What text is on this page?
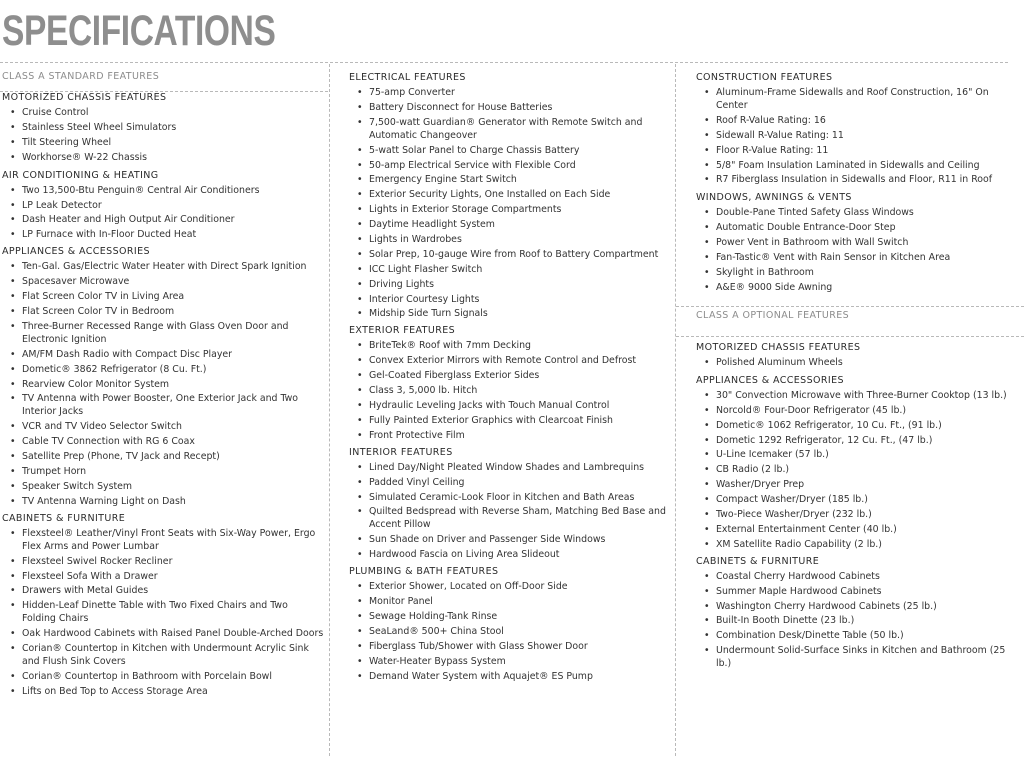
SPECIFICATIONS
CLASS A STANDARD FEATURES
MOTORIZED CHASSIS FEATURES
• Cruise Control
• Stainless Steel Wheel Simulators
• Tilt Steering Wheel
• Workhorse® W-22 Chassis
AIR CONDITIONING & HEATING
• Two 13,500-Btu Penguin® Central Air Conditioners
• LP Leak Detector
• Dash Heater and High Output Air Conditioner
• LP Furnace with In-Floor Ducted Heat
APPLIANCES & ACCESSORIES
• Ten-Gal. Gas/Electric Water Heater with Direct Spark Ignition
• Spacesaver Microwave
• Flat Screen Color TV in Living Area
• Flat Screen Color TV in Bedroom
• Three-Burner Recessed Range with Glass Oven Door and Electronic Ignition
• AM/FM Dash Radio with Compact Disc Player
• Dometic® 3862 Refrigerator (8 Cu. Ft.)
• Rearview Color Monitor System
• TV Antenna with Power Booster, One Exterior Jack and Two Interior Jacks
• VCR and TV Video Selector Switch
• Cable TV Connection with RG 6 Coax
• Satellite Prep (Phone, TV Jack and Recept)
• Trumpet Horn
• Speaker Switch System
• TV Antenna Warning Light on Dash
CABINETS & FURNITURE
• Flexsteel® Leather/Vinyl Front Seats with Six-Way Power, Ergo Flex Arms and Power Lumbar
• Flexsteel Swivel Rocker Recliner
• Flexsteel Sofa With a Drawer
• Drawers with Metal Guides
• Hidden-Leaf Dinette Table with Two Fixed Chairs and Two Folding Chairs
• Oak Hardwood Cabinets with Raised Panel Double-Arched Doors
• Corian® Countertop in Kitchen with Undermount Acrylic Sink and Flush Sink Covers
• Corian® Countertop in Bathroom with Porcelain Bowl
• Lifts on Bed Top to Access Storage Area
ELECTRICAL FEATURES
• 75-amp Converter
• Battery Disconnect for House Batteries
• 7,500-watt Guardian® Generator with Remote Switch and Automatic Changeover
• 5-watt Solar Panel to Charge Chassis Battery
• 50-amp Electrical Service with Flexible Cord
• Emergency Engine Start Switch
• Exterior Security Lights, One Installed on Each Side
• Lights in Exterior Storage Compartments
• Daytime Headlight System
• Lights in Wardrobes
• Solar Prep, 10-gauge Wire from Roof to Battery Compartment
• ICC Light Flasher Switch
• Driving Lights
• Interior Courtesy Lights
• Midship Side Turn Signals
EXTERIOR FEATURES
• BriteTek® Roof with 7mm Decking
• Convex Exterior Mirrors with Remote Control and Defrost
• Gel-Coated Fiberglass Exterior Sides
• Class 3, 5,000 lb. Hitch
• Hydraulic Leveling Jacks with Touch Manual Control
• Fully Painted Exterior Graphics with Clearcoat Finish
• Front Protective Film
INTERIOR FEATURES
• Lined Day/Night Pleated Window Shades and Lambrequins
• Padded Vinyl Ceiling
• Simulated Ceramic-Look Floor in Kitchen and Bath Areas
• Quilted Bedspread with Reverse Sham, Matching Bed Base and Accent Pillow
• Sun Shade on Driver and Passenger Side Windows
• Hardwood Fascia on Living Area Slideout
PLUMBING & BATH FEATURES
• Exterior Shower, Located on Off-Door Side
• Monitor Panel
• Sewage Holding-Tank Rinse
• SeaLand® 500+ China Stool
• Fiberglass Tub/Shower with Glass Shower Door
• Water-Heater Bypass System
• Demand Water System with Aquajet® ES Pump
CONSTRUCTION FEATURES
• Aluminum-Frame Sidewalls and Roof Construction, 16" On Center
• Roof R-Value Rating: 16
• Sidewall R-Value Rating: 11
• Floor R-Value Rating: 11
• 5/8" Foam Insulation Laminated in Sidewalls and Ceiling
• R7 Fiberglass Insulation in Sidewalls and Floor, R11 in Roof
WINDOWS, AWNINGS & VENTS
• Double-Pane Tinted Safety Glass Windows
• Automatic Double Entrance-Door Step
• Power Vent in Bathroom with Wall Switch
• Fan-Tastic® Vent with Rain Sensor in Kitchen Area
• Skylight in Bathroom
• A&E® 9000 Side Awning
CLASS A OPTIONAL FEATURES
MOTORIZED CHASSIS FEATURES
• Polished Aluminum Wheels
APPLIANCES & ACCESSORIES
• 30" Convection Microwave with Three-Burner Cooktop (13 lb.)
• Norcold® Four-Door Refrigerator (45 lb.)
• Dometic® 1062 Refrigerator, 10 Cu. Ft., (91 lb.)
• Dometic 1292 Refrigerator, 12 Cu. Ft., (47 lb.)
• U-Line Icemaker (57 lb.)
• CB Radio (2 lb.)
• Washer/Dryer Prep
• Compact Washer/Dryer (185 lb.)
• Two-Piece Washer/Dryer (232 lb.)
• External Entertainment Center (40 lb.)
• XM Satellite Radio Capability (2 lb.)
CABINETS & FURNITURE
• Coastal Cherry Hardwood Cabinets
• Summer Maple Hardwood Cabinets
• Washington Cherry Hardwood Cabinets (25 lb.)
• Built-In Booth Dinette (23 lb.)
• Combination Desk/Dinette Table (50 lb.)
• Undermount Solid-Surface Sinks in Kitchen and Bathroom (25 lb.)
